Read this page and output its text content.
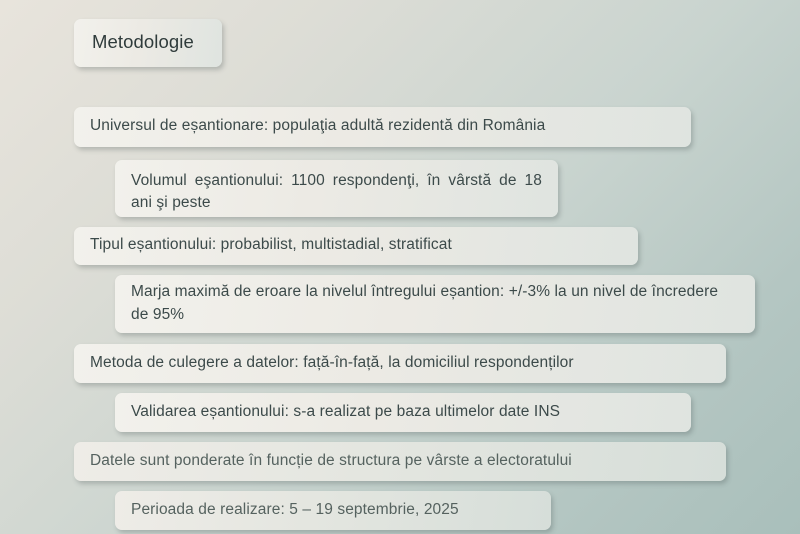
Metodologie
Universul de eșantionare: populaţia adultă rezidentă din România
Volumul eşantionului: 1100 respondenţi, în vârstă de 18 ani şi peste
Tipul eșantionului: probabilist, multistadial, stratificat
Marja maximă de eroare la nivelul întregului eșantion: +/-3% la un nivel de încredere de 95%
Metoda de culegere a datelor: față-în-față, la domiciliul respondenților
Validarea eșantionului: s-a realizat pe baza ultimelor date INS
Datele sunt ponderate în funcție de structura pe vârste a electoratului
Perioada de realizare: 5 – 19 septembrie, 2025
